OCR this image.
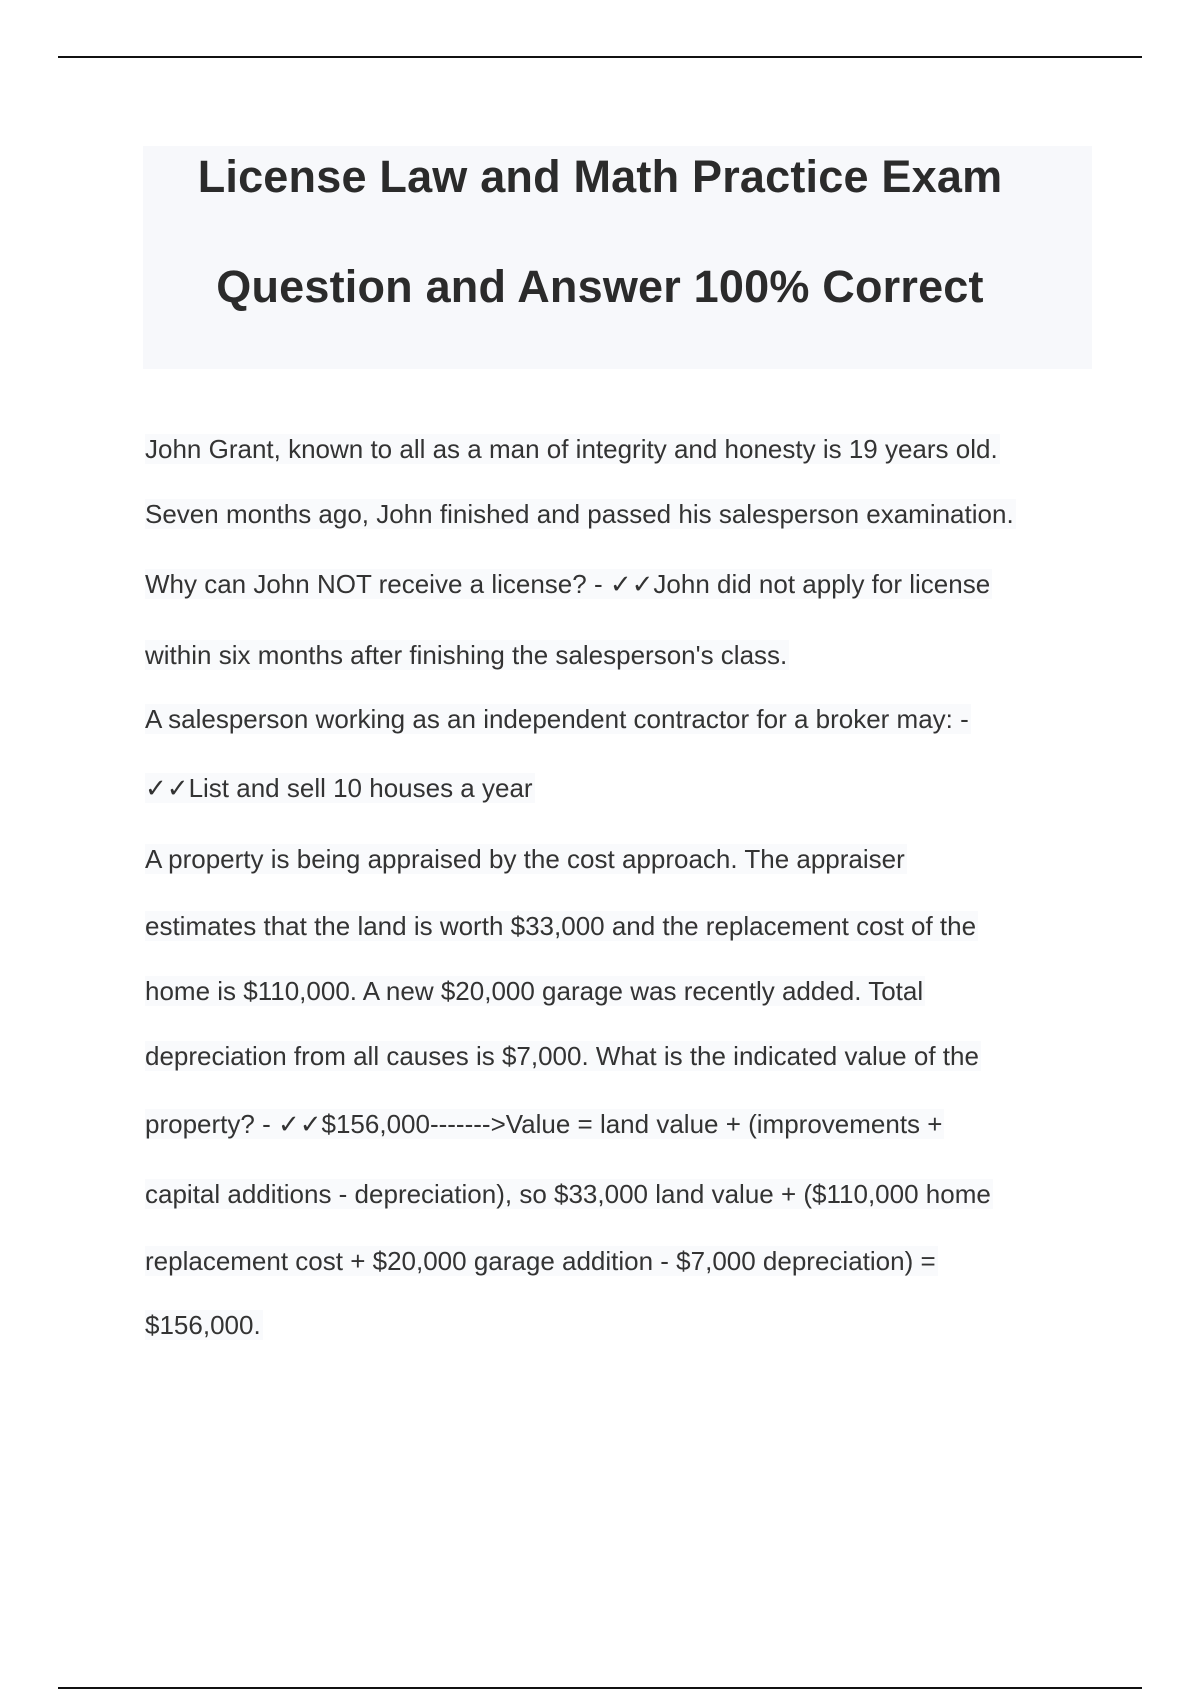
License Law and Math Practice Exam
Question and Answer 100% Correct
John Grant, known to all as a man of integrity and honesty is 19 years old.
Seven months ago, John finished and passed his salesperson examination.
Why can John NOT receive a license? - ✓✓John did not apply for license
within six months after finishing the salesperson's class.
A salesperson working as an independent contractor for a broker may: -
✓✓List and sell 10 houses a year
A property is being appraised by the cost approach. The appraiser
estimates that the land is worth $33,000 and the replacement cost of the
home is $110,000. A new $20,000 garage was recently added. Total
depreciation from all causes is $7,000. What is the indicated value of the
property? - ✓✓$156,000------->Value = land value + (improvements +
capital additions - depreciation), so $33,000 land value + ($110,000 home
replacement cost + $20,000 garage addition - $7,000 depreciation) =
$156,000.
